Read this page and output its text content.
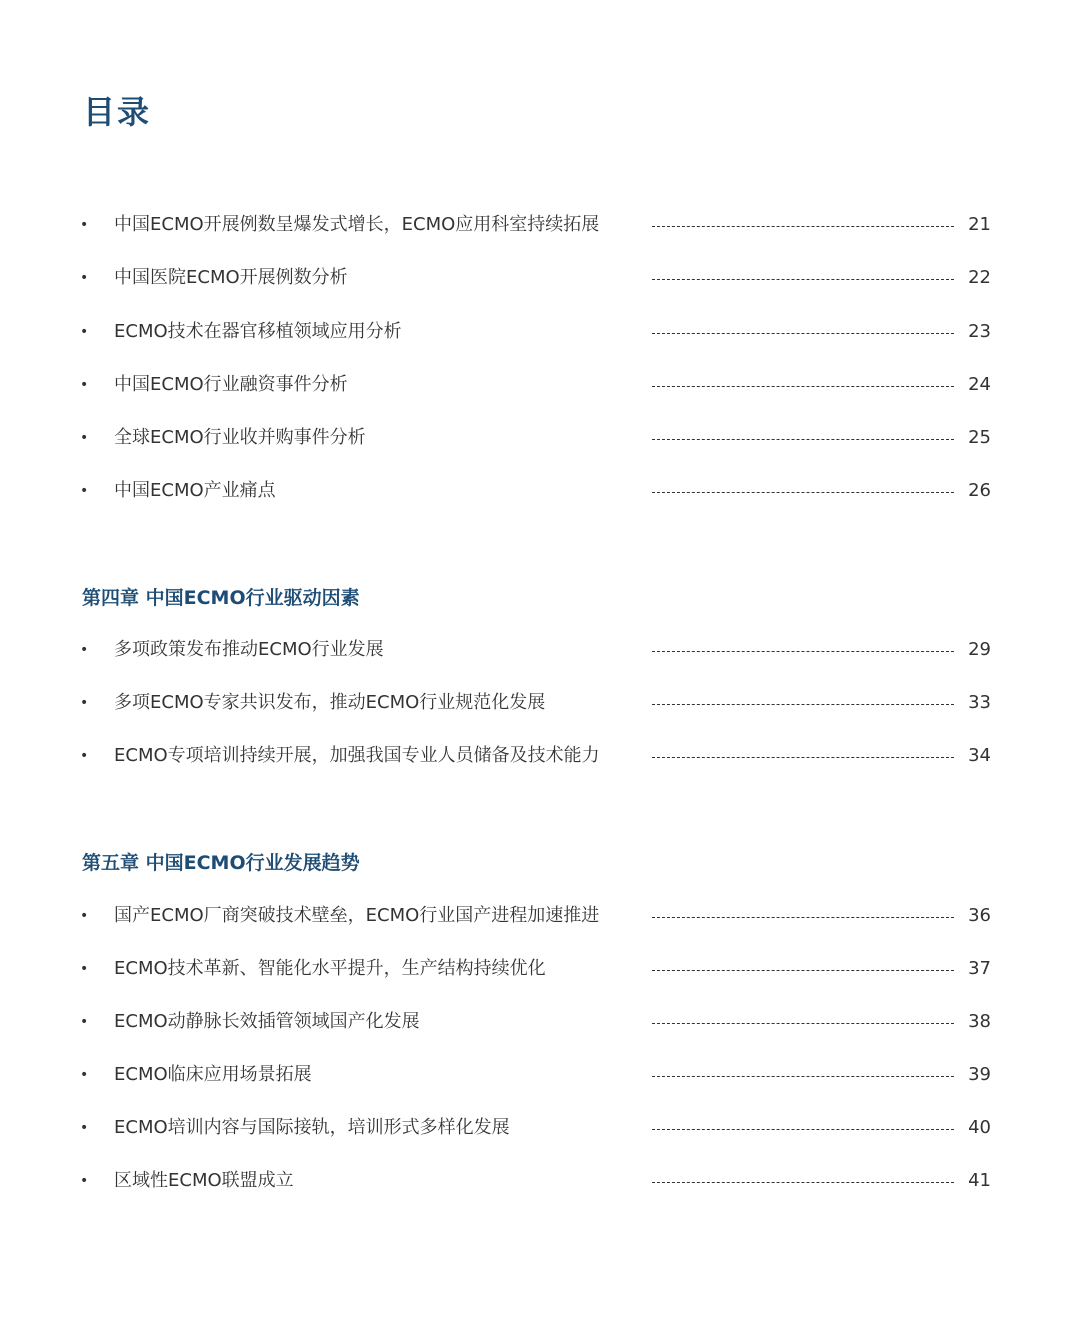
目录
• 中国ECMO开展例数呈爆发式增长，ECMO应用科室持续拓展	21
• 中国医院ECMO开展例数分析	22
• ECMO技术在器官移植领域应用分析	23
• 中国ECMO行业融资事件分析	24
• 全球ECMO行业收并购事件分析	25
• 中国ECMO产业痛点	26
第四章 中国ECMO行业驱动因素
• 多项政策发布推动ECMO行业发展	29
• 多项ECMO专家共识发布，推动ECMO行业规范化发展	33
• ECMO专项培训持续开展，加强我国专业人员储备及技术能力	34
第五章 中国ECMO行业发展趋势
• 国产ECMO厂商突破技术壁垒，ECMO行业国产进程加速推进	36
• ECMO技术革新、智能化水平提升，生产结构持续优化	37
• ECMO动静脉长效插管领域国产化发展	38
• ECMO临床应用场景拓展	39
• ECMO培训内容与国际接轨，培训形式多样化发展	40
• 区域性ECMO联盟成立	41
